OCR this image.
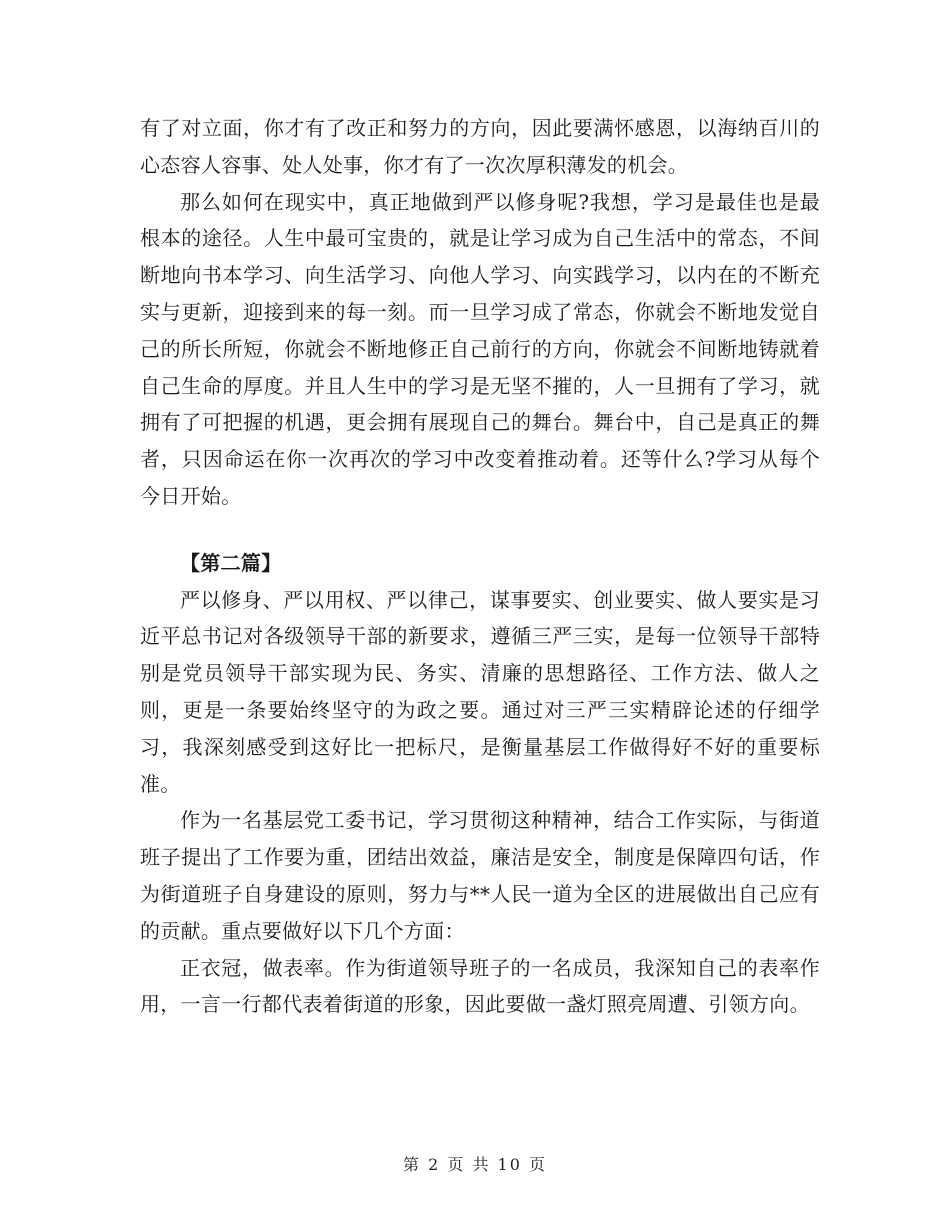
有了对立面，你才有了改正和努力的方向，因此要满怀感恩，以海纳百川的心态容人容事、处人处事，你才有了一次次厚积薄发的机会。

那么如何在现实中，真正地做到严以修身呢?我想，学习是最佳也是最根本的途径。人生中最可宝贵的，就是让学习成为自己生活中的常态，不间断地向书本学习、向生活学习、向他人学习、向实践学习，以内在的不断充实与更新，迎接到来的每一刻。而一旦学习成了常态，你就会不断地发觉自己的所长所短，你就会不断地修正自己前行的方向，你就会不间断地铸就着自己生命的厚度。并且人生中的学习是无坚不摧的，人一旦拥有了学习，就拥有了可把握的机遇，更会拥有展现自己的舞台。舞台中，自己是真正的舞者，只因命运在你一次再次的学习中改变着推动着。还等什么?学习从每个今日开始。

【第二篇】

严以修身、严以用权、严以律己，谋事要实、创业要实、做人要实是习近平总书记对各级领导干部的新要求，遵循三严三实，是每一位领导干部特别是党员领导干部实现为民、务实、清廉的思想路径、工作方法、做人之则，更是一条要始终坚守的为政之要。通过对三严三实精辟论述的仔细学习，我深刻感受到这好比一把标尺，是衡量基层工作做得好不好的重要标准。

作为一名基层党工委书记，学习贯彻这种精神，结合工作实际，与街道班子提出了工作要为重，团结出效益，廉洁是安全，制度是保障四句话，作为街道班子自身建设的原则，努力与**人民一道为全区的进展做出自己应有的贡献。重点要做好以下几个方面：

正衣冠，做表率。作为街道领导班子的一名成员，我深知自己的表率作用，一言一行都代表着街道的形象，因此要做一盏灯照亮周遭、引领方向。

第 2 页 共 10 页
